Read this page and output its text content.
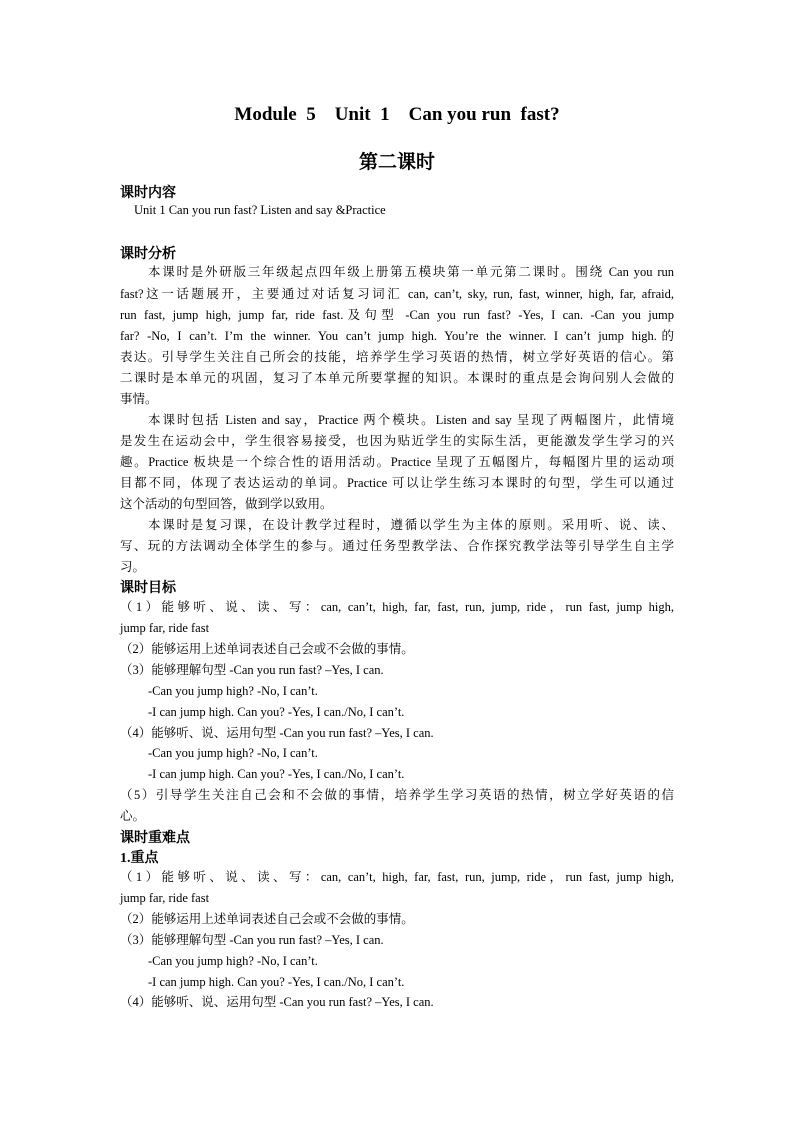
Module  5    Unit  1    Can you run  fast?
第二课时
课时内容
Unit 1 Can you run fast? Listen and say &Practice
课时分析
本课时是外研版三年级起点四年级上册第五模块第一单元第二课时。围绕 Can you run
fast?这一话题展开，主要通过对话复习词汇 can, can’t, sky, run, fast, winner, high, far, afraid,
run fast, jump high, jump far, ride fast.及句型 -Can you run fast? -Yes, I can. -Can you jump
far? -No, I can’t. I’m the winner. You can’t jump high. You’re the winner. I can’t jump high.的
表达。引导学生关注自己所会的技能，培养学生学习英语的热情，树立学好英语的信心。第
二课时是本单元的巩固，复习了本单元所要掌握的知识。本课时的重点是会询问别人会做的
事情。
本课时包括 Listen and say，Practice 两个模块。Listen and say 呈现了两幅图片，此情境
是发生在运动会中，学生很容易接受，也因为贴近学生的实际生活，更能激发学生学习的兴
趣。Practice 板块是一个综合性的语用活动。Practice 呈现了五幅图片，每幅图片里的运动项
目都不同，体现了表达运动的单词。Practice 可以让学生练习本课时的句型，学生可以通过
这个活动的句型回答，做到学以致用。
本课时是复习课，在设计教学过程时，遵循以学生为主体的原则。采用听、说、读、
写、玩的方法调动全体学生的参与。通过任务型教学法、合作探究教学法等引导学生自主学
习。
课时目标
（1）能够听、说、读、写：can, can’t, high, far, fast, run, jump, ride，run fast, jump high,
jump far, ride fast
（2）能够运用上述单词表述自己会或不会做的事情。
（3）能够理解句型 -Can you run fast? –Yes, I can.
-Can you jump high? -No, I can’t.
-I can jump high. Can you? -Yes, I can./No, I can’t.
（4）能够听、说、运用句型 -Can you run fast? –Yes, I can.
-Can you jump high? -No, I can’t.
-I can jump high. Can you? -Yes, I can./No, I can’t.
（5）引导学生关注自己会和不会做的事情，培养学生学习英语的热情，树立学好英语的信
心。
课时重难点
1.重点
（1）能够听、说、读、写：can, can’t, high, far, fast, run, jump, ride，run fast, jump high,
jump far, ride fast
（2）能够运用上述单词表述自己会或不会做的事情。
（3）能够理解句型 -Can you run fast? –Yes, I can.
-Can you jump high? -No, I can’t.
-I can jump high. Can you? -Yes, I can./No, I can’t.
（4）能够听、说、运用句型 -Can you run fast? –Yes, I can.
